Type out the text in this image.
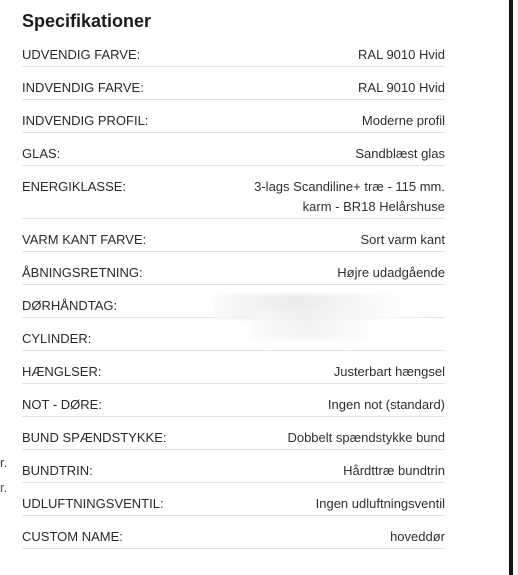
r.
r.
Specifikationer
UDVENDIG FARVE:	RAL 9010 Hvid
INDVENDIG FARVE:	RAL 9010 Hvid
INDVENDIG PROFIL:	Moderne profil
GLAS:	Sandblæst glas
ENERGIKLASSE:	3-lags Scandiline+ træ - 115 mm.
karm - BR18 Helårshuse
VARM KANT FARVE:	Sort varm kant
ÅBNINGSRETNING:	Højre udadgående
DØRHÅNDTAG:
CYLINDER:
HÆNGLSER:	Justerbart hængsel
NOT - DØRE:	Ingen not (standard)
BUND SPÆNDSTYKKE:	Dobbelt spændstykke bund
BUNDTRIN:	Hårdttræ bundtrin
UDLUFTNINGSVENTIL:	Ingen udluftningsventil
CUSTOM NAME:	hoveddør
